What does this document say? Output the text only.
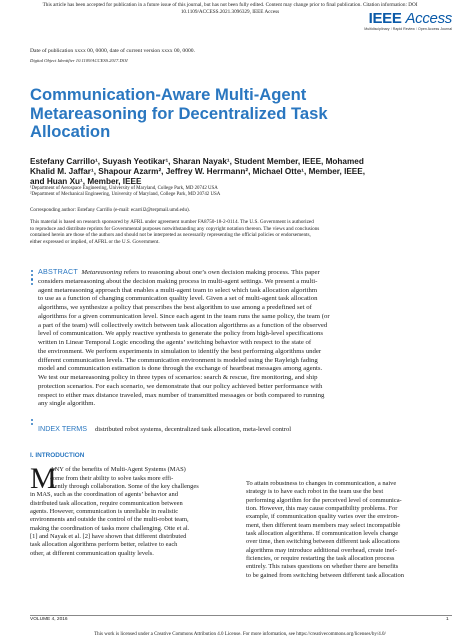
This article has been accepted for publication in a future issue of this journal, but has not been fully edited. Content may change prior to final publication. Citation information: DOI
10.1109/ACCESS.2021.3096329, IEEE Access	IEEE Access
Multidisciplinary ⁝ Rapid Review ⁝ Open Access Journal
Date of publication xxxx 00, 0000, date of current version xxxx 00, 0000.
Digital Object Identifier 10.1109/ACCESS.2017.DOI
Communication-Aware Multi-Agent
Metareasoning for Decentralized Task
Allocation
Estefany Carrillo¹, Suyash Yeotikar¹, Sharan Nayak¹, Student Member, IEEE, Mohamed
Khalid M. Jaffar¹, Shapour Azarm², Jeffrey W. Herrmann², Michael Otte¹, Member, IEEE,
and Huan Xu¹, Member, IEEE
¹Department of Aerospace Engineering, University of Maryland, College Park, MD 20742 USA
²Department of Mechanical Engineering, University of Maryland, College Park, MD 20742 USA
Corresponding author: Estefany Carrillo (e-mail: ecarril2@terpmail.umd.edu).
This material is based on research sponsored by AFRL under agreement number FA8750-18-2-0114. The U.S. Government is authorized
to reproduce and distribute reprints for Governmental purposes notwithstanding any copyright notation thereon. The views and conclusions
contained herein are those of the authors and should not be interpreted as necessarily representing the official policies or endorsements,
either expressed or implied, of AFRL or the U.S. Government.
ABSTRACT Metareasoning refers to reasoning about one’s own decision making process. This paper
considers metareasoning about the decision making process in multi-agent settings. We present a multi-
agent metareasoning approach that enables a multi-agent team to select which task allocation algorithm
to use as a function of changing communication quality level. Given a set of multi-agent task allocation
algorithms, we synthesize a policy that prescribes the best algorithm to use among a predefined set of
algorithms for a given communication level. Since each agent in the team runs the same policy, the team (or
a part of the team) will collectively switch between task allocation algorithms as a function of the observed
level of communication. We apply reactive synthesis to generate the policy from high-level specifications
written in Linear Temporal Logic encoding the agents’ switching behavior with respect to the state of
the environment. We perform experiments in simulation to identify the best performing algorithms under
different communication levels. The communication environment is modeled using the Rayleigh fading
model and communication estimation is done through the exchange of heartbeat messages among agents.
We test our metareasoning policy in three types of scenarios: search & rescue, fire monitoring, and ship
protection scenarios. For each scenario, we demonstrate that our policy achieved better performance with
respect to either max distance traveled, max number of transmitted messages or both compared to running
any single algorithm.
INDEX TERMS distributed robot systems, decentralized task allocation, meta-level control
I. INTRODUCTION
M
ANY of the benefits of Multi-Agent Systems (MAS)
come from their ability to solve tasks more effi-
ciently through collaboration. Some of the key challenges
in MAS, such as the coordination of agents’ behavior and
distributed task allocation, require communication between
agents. However, communication is unreliable in realistic
environments and outside the control of the multi-robot team,
making the coordination of tasks more challenging. Otte et al.
[1] and Nayak et al. [2] have shown that different distributed
task allocation algorithms perform better, relative to each
other, at different communication quality levels.
To attain robustness to changes in communication, a naive
strategy is to have each robot in the team use the best
performing algorithm for the perceived level of communica-
tion. However, this may cause compatibility problems. For
example, if communication quality varies over the environ-
ment, then different team members may select incompatible
task allocation algorithms. If communication levels change
over time, then switching between different task allocations
algorithms may introduce additional overhead, create inef-
ficiencies, or require restarting the task allocation process
entirely. This raises questions on whether there are benefits
to be gained from switching between different task allocation
VOLUME 4, 2016	1
This work is licensed under a Creative Commons Attribution 4.0 License. For more information, see https://creativecommons.org/licenses/by/4.0/
